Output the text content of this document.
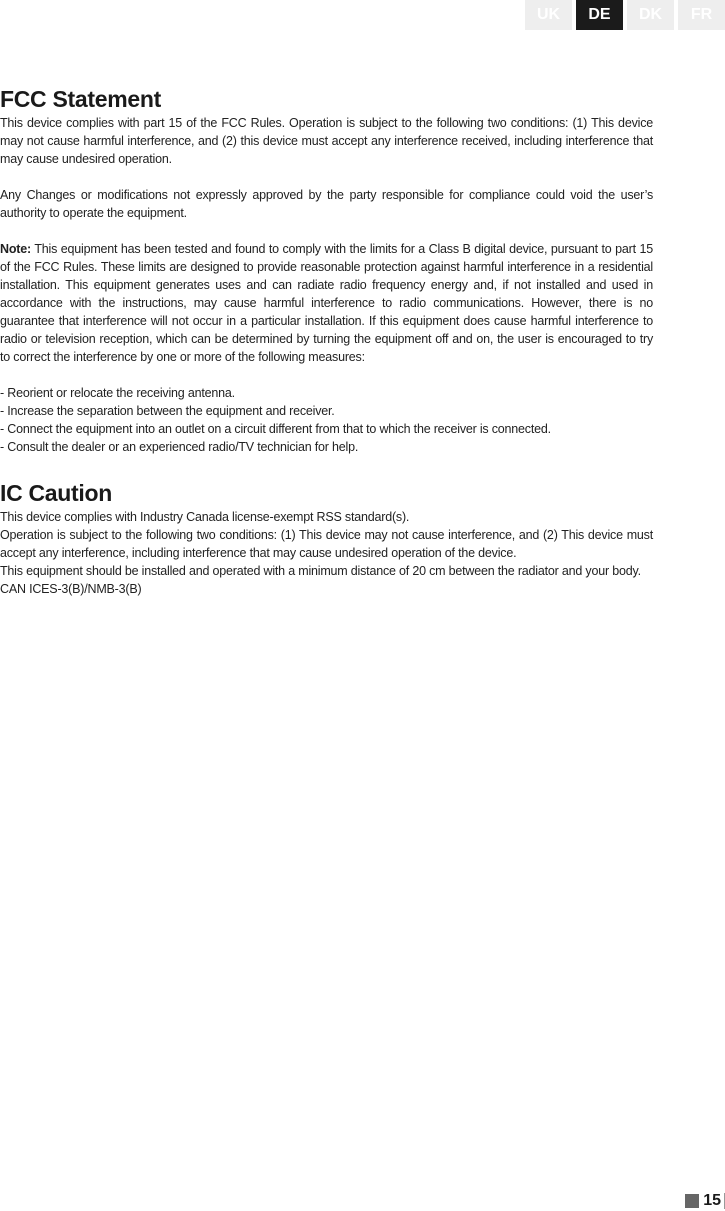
UK	DE	DK	FR
FCC Statement

This device complies with part 15 of the FCC Rules. Operation is subject to the following two conditions: (1) This device may not cause harmful interference, and (2) this device must accept any interference received, including interference that may cause undesired operation.

Any Changes or modifications not expressly approved by the party responsible for compliance could void the user’s authority to operate the equipment.

Note: This equipment has been tested and found to comply with the limits for a Class B digital device, pursuant to part 15 of the FCC Rules. These limits are designed to provide reasonable protection against harmful interference in a residential installation. This equipment generates uses and can radiate radio frequency energy and, if not installed and used in accordance with the instructions, may cause harmful interference to radio communications. However, there is no guarantee that interference will not occur in a particular installation. If this equipment does cause harmful interference to radio or television reception, which can be determined by turning the equipment off and on, the user is encouraged to try to correct the interference by one or more of the following measures:

- Reorient or relocate the receiving antenna.
- Increase the separation between the equipment and receiver.
- Connect the equipment into an outlet on a circuit different from that to which the receiver is connected.
- Consult the dealer or an experienced radio/TV technician for help.
IC Caution

This device complies with Industry Canada license-exempt RSS standard(s).

Operation is subject to the following two conditions: (1) This device may not cause interference, and (2) This device must accept any interference, including interference that may cause undesired operation of the device.

This equipment should be installed and operated with a minimum distance of 20 cm between the radiator and your body.

CAN ICES-3(B)/NMB-3(B)

15
